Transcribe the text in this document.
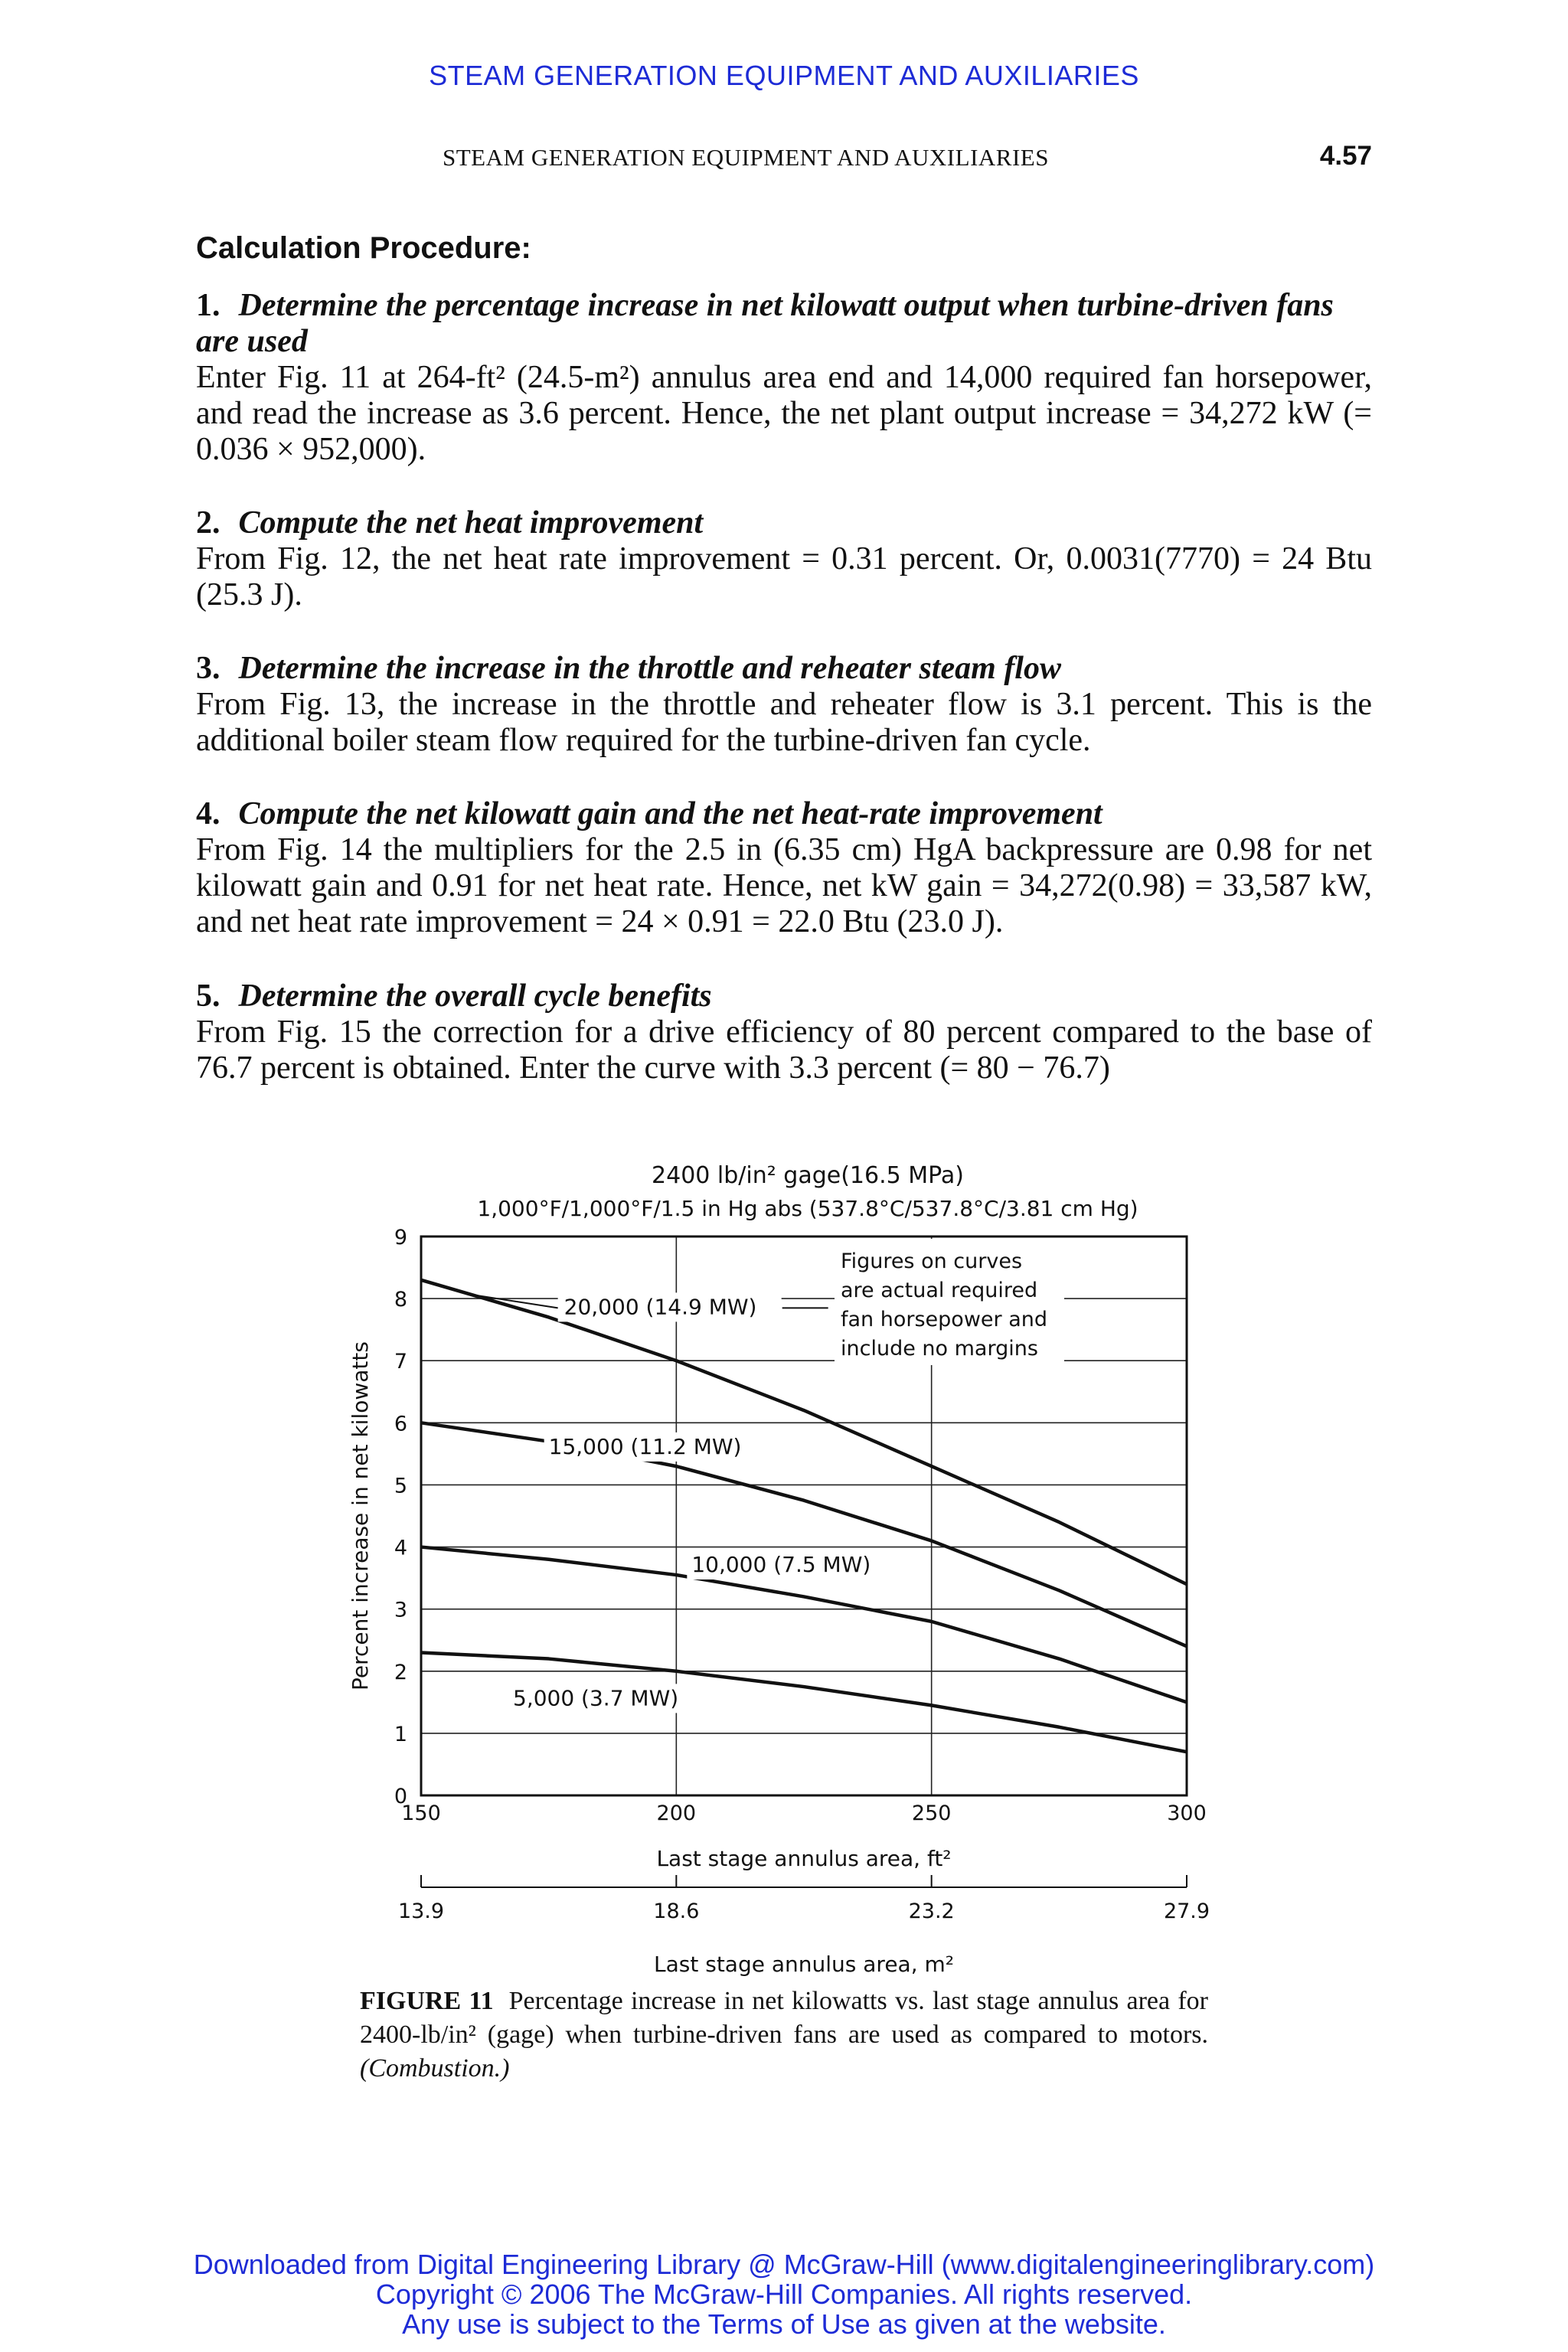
STEAM GENERATION EQUIPMENT AND AUXILIARIES
STEAM GENERATION EQUIPMENT AND AUXILIARIES	4.57
Calculation Procedure:
1. Determine the percentage increase in net kilowatt output when turbine-driven fans are used
Enter Fig. 11 at 264-ft² (24.5-m²) annulus area end and 14,000 required fan horsepower, and read the increase as 3.6 percent. Hence, the net plant output increase = 34,272 kW (= 0.036 × 952,000).
2. Compute the net heat improvement
From Fig. 12, the net heat rate improvement = 0.31 percent. Or, 0.0031(7770) = 24 Btu (25.3 J).
3. Determine the increase in the throttle and reheater steam flow
From Fig. 13, the increase in the throttle and reheater flow is 3.1 percent. This is the additional boiler steam flow required for the turbine-driven fan cycle.
4. Compute the net kilowatt gain and the net heat-rate improvement
From Fig. 14 the multipliers for the 2.5 in (6.35 cm) HgA backpressure are 0.98 for net kilowatt gain and 0.91 for net heat rate. Hence, net kW gain = 34,272(0.98) = 33,587 kW, and net heat rate improvement = 24 × 0.91 = 22.0 Btu (23.0 J).
5. Determine the overall cycle benefits
From Fig. 15 the correction for a drive efficiency of 80 percent compared to the base of 76.7 percent is obtained. Enter the curve with 3.3 percent (= 80 − 76.7)
2400 lb/in² gage(16.5 MPa)
1,000°F/1,000°F/1.5 in Hg abs (537.8°C/537.8°C/3.81 cm Hg)
0
1
2
3
4
5
6
7
8
9
150	200	250	300
Figures on curves
are actual required
fan horsepower and
include no margins
20,000 (14.9 MW)
15,000 (11.2 MW)
10,000 (7.5 MW)
5,000 (3.7 MW)
Percent increase in net kilowatts
Last stage annulus area, ft²
13.9	18.6	23.2	27.9
Last stage annulus area, m²
FIGURE 11 Percentage increase in net kilowatts vs. last stage annulus area for 2400-lb/in² (gage) when turbine-driven fans are used as compared to motors. (Combustion.)
Downloaded from Digital Engineering Library @ McGraw-Hill (www.digitalengineeringlibrary.com)
Copyright © 2006 The McGraw-Hill Companies. All rights reserved.
Any use is subject to the Terms of Use as given at the website.
